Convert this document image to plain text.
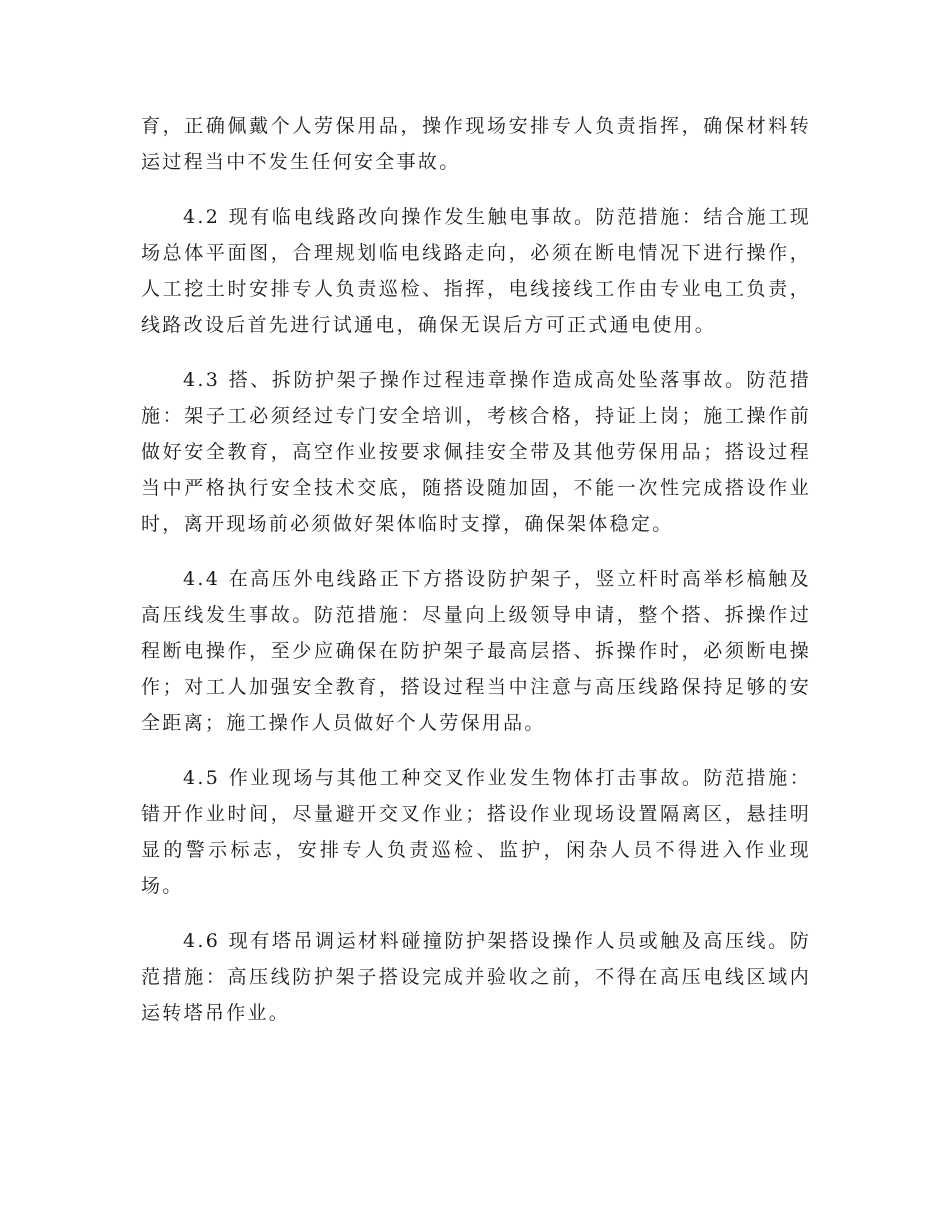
育，正确佩戴个人劳保用品，操作现场安排专人负责指挥，确保材料转运过程当中不发生任何安全事故。

4.2 现有临电线路改向操作发生触电事故。防范措施：结合施工现场总体平面图，合理规划临电线路走向，必须在断电情况下进行操作，人工挖土时安排专人负责巡检、指挥，电线接线工作由专业电工负责，线路改设后首先进行试通电，确保无误后方可正式通电使用。

4.3 搭、拆防护架子操作过程违章操作造成高处坠落事故。防范措施：架子工必须经过专门安全培训，考核合格，持证上岗；施工操作前做好安全教育，高空作业按要求佩挂安全带及其他劳保用品；搭设过程当中严格执行安全技术交底，随搭设随加固，不能一次性完成搭设作业时，离开现场前必须做好架体临时支撑，确保架体稳定。

4.4 在高压外电线路正下方搭设防护架子，竖立杆时高举杉槁触及高压线发生事故。防范措施：尽量向上级领导申请，整个搭、拆操作过程断电操作，至少应确保在防护架子最高层搭、拆操作时，必须断电操作；对工人加强安全教育，搭设过程当中注意与高压线路保持足够的安全距离；施工操作人员做好个人劳保用品。

4.5 作业现场与其他工种交叉作业发生物体打击事故。防范措施：错开作业时间，尽量避开交叉作业；搭设作业现场设置隔离区，悬挂明显的警示标志，安排专人负责巡检、监护，闲杂人员不得进入作业现场。

4.6 现有塔吊调运材料碰撞防护架搭设操作人员或触及高压线。防范措施：高压线防护架子搭设完成并验收之前，不得在高压电线区域内运转塔吊作业。
